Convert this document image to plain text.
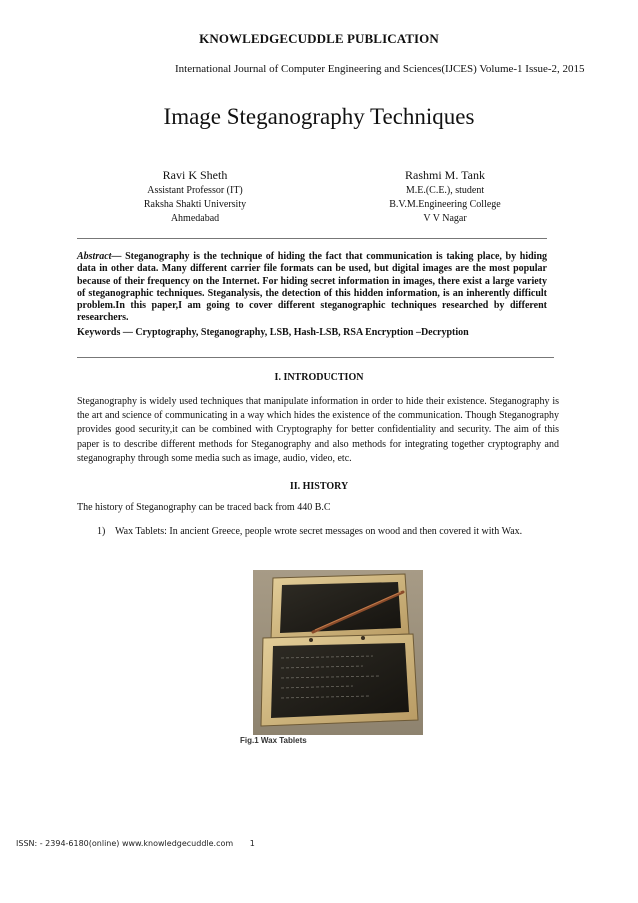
KNOWLEDGECUDDLE PUBLICATION
International Journal of Computer Engineering and Sciences(IJCES) Volume-1 Issue-2, 2015
Image Steganography Techniques
Ravi K Sheth
Assistant Professor (IT)
Raksha Shakti University
Ahmedabad
Rashmi M. Tank
M.E.(C.E.), student
B.V.M.Engineering College
V V Nagar
Abstract— Steganography is the technique of hiding the fact that communication is taking place, by hiding data in other data. Many different carrier file formats can be used, but digital images are the most popular because of their frequency on the Internet. For hiding secret information in images, there exist a large variety of steganographic techniques. Steganalysis, the detection of this hidden information, is an inherently difficult problem.In this paper,I am going to cover different steganographic techniques researched by different researchers.
Keywords — Cryptography, Steganography, LSB, Hash-LSB, RSA Encryption –Decryption
I. INTRODUCTION

Steganography is widely used techniques that manipulate information in order to hide their existence. Steganography is the art and science of communicating in a way which hides the existence of the communication. Though Steganography provides good security,it can be combined with Cryptography for better confidentiality and security. The aim of this paper is to describe different methods for Steganography and also methods for integrating together cryptography and steganography through some media such as image, audio, video, etc.

II. HISTORY

The history of Steganography can be traced back from 440 B.C

1) Wax Tablets: In ancient Greece, people wrote secret messages on wood and then covered it with Wax.
Fig.1 Wax Tablets
ISSN: - 2394-6180(online) www.knowledgecuddle.com 1
